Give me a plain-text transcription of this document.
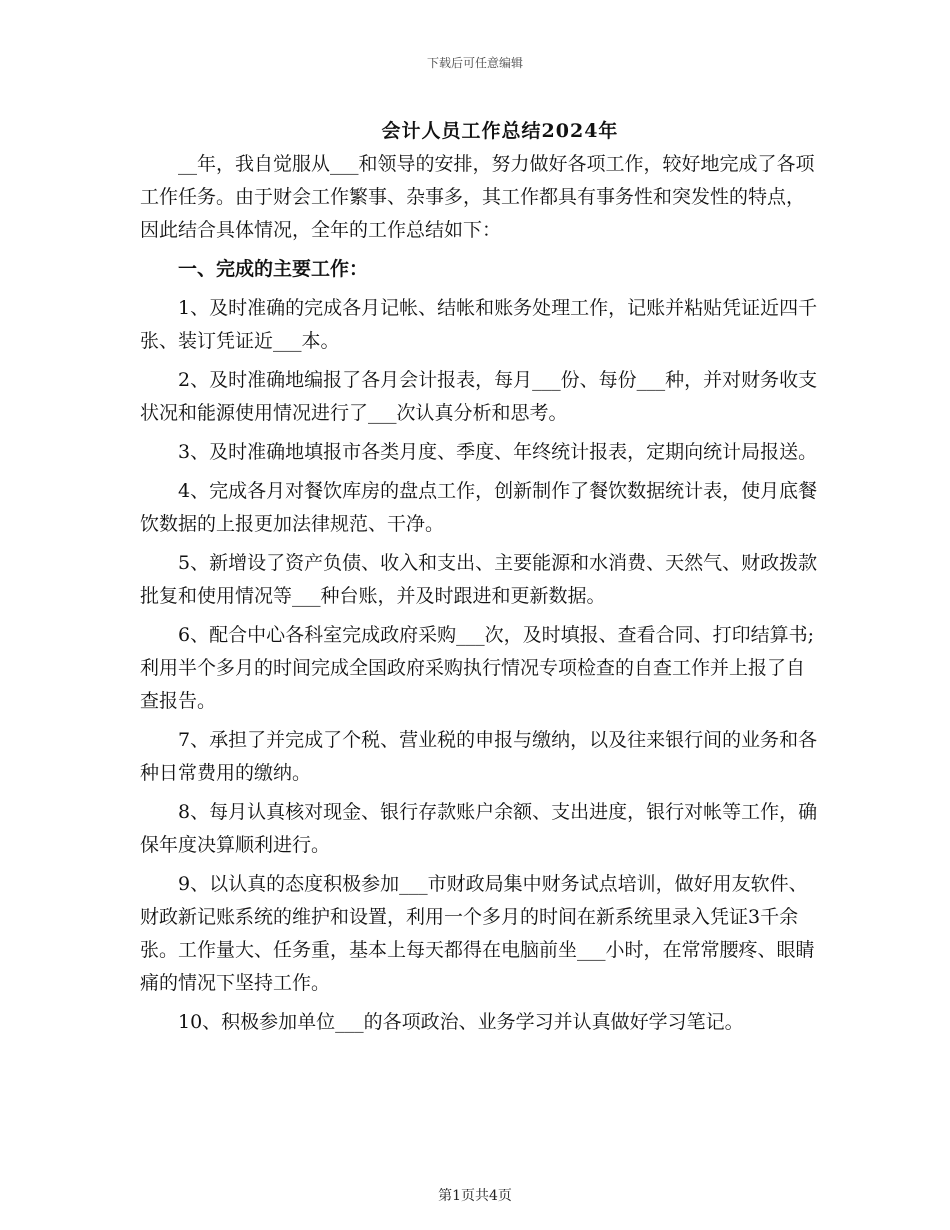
下载后可任意编辑
会计人员工作总结2024年

__年，我自觉服从___和领导的安排，努力做好各项工作，较好地完成了各项工作任务。由于财会工作繁事、杂事多，其工作都具有事务性和突发性的特点，因此结合具体情况，全年的工作总结如下：

一、完成的主要工作：

1、及时准确的完成各月记帐、结帐和账务处理工作，记账并粘贴凭证近四千张、装订凭证近___本。

2、及时准确地编报了各月会计报表，每月___份、每份___种，并对财务收支状况和能源使用情况进行了___次认真分析和思考。

3、及时准确地填报市各类月度、季度、年终统计报表，定期向统计局报送。

4、完成各月对餐饮库房的盘点工作，创新制作了餐饮数据统计表，使月底餐饮数据的上报更加法律规范、干净。

5、新增设了资产负债、收入和支出、主要能源和水消费、天然气、财政拨款批复和使用情况等___种台账，并及时跟进和更新数据。

6、配合中心各科室完成政府采购___次，及时填报、查看合同、打印结算书;利用半个多月的时间完成全国政府采购执行情况专项检查的自查工作并上报了自查报告。

7、承担了并完成了个税、营业税的申报与缴纳，以及往来银行间的业务和各种日常费用的缴纳。

8、每月认真核对现金、银行存款账户余额、支出进度，银行对帐等工作，确保年度决算顺利进行。

9、以认真的态度积极参加___市财政局集中财务试点培训，做好用友软件、财政新记账系统的维护和设置，利用一个多月的时间在新系统里录入凭证3千余张。工作量大、任务重，基本上每天都得在电脑前坐___小时，在常常腰疼、眼睛痛的情况下坚持工作。

10、积极参加单位___的各项政治、业务学习并认真做好学习笔记。

第1页共4页
